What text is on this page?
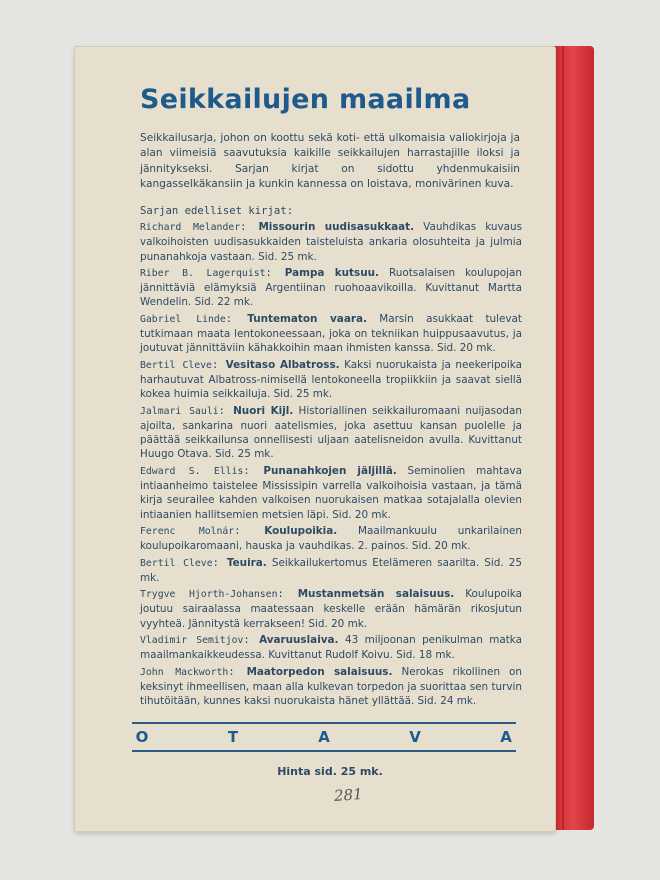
Seikkailujen maailma

Seikkailusarja, johon on koottu sekä koti- että ulkomaisia valiokirjoja ja alan viimeisiä saavutuksia kaikille seikkailujen harrastajille iloksi ja jännitykseksi. Sarjan kirjat on sidottu yhdenmukaisiin kangasselkäkansiin ja kunkin kannessa on loistava, monivärinen kuva.

Sarjan edelliset kirjat:

Richard Melander: Missourin uudisasukkaat. Vauhdikas kuvaus valkoihoisten uudisasukkaiden taisteluista ankaria olosuhteita ja julmia punanahkoja vastaan. Sid. 25 mk.
Riber B. Lagerquist: Pampa kutsuu. Ruotsalaisen koulupojan jännittäviä elämyksiä Argentiinan ruohoaavikoilla. Kuvittanut Martta Wendelin. Sid. 22 mk.
Gabriel Linde: Tuntematon vaara. Marsin asukkaat tulevat tutkimaan maata lentokoneessaan, joka on tekniikan huippusaavutus, ja joutuvat jännittäviin kähakkoihin maan ihmisten kanssa. Sid. 20 mk.
Bertil Cleve: Vesitaso Albatross. Kaksi nuorukaista ja neekeripoika harhautuvat Albatross-nimisellä lentokoneella tropiikkiin ja saavat siellä kokea huimia seikkailuja. Sid. 25 mk.
Jalmari Sauli: Nuori Kijl. Historiallinen seikkailuromaani nuijasodan ajoilta, sankarina nuori aatelismies, joka asettuu kansan puolelle ja päättää seikkailunsa onnellisesti uljaan aatelisneidon avulla. Kuvittanut Huugo Otava. Sid. 25 mk.
Edward S. Ellis: Punanahkojen jäljillä. Seminolien mahtava intiaanheimo taistelee Mississipin varrella valkoihoisia vastaan, ja tämä kirja seurailee kahden valkoisen nuorukaisen matkaa sotajalalla olevien intiaanien hallitsemien metsien läpi. Sid. 20 mk.
Ferenc Molnár: Koulupoikia. Maailmankuulu unkarilainen koulupoikaromaani, hauska ja vauhdikas. 2. painos. Sid. 20 mk.
Bertil Cleve: Teuira. Seikkailukertomus Etelämeren saarilta. Sid. 25 mk.
Trygve Hjorth-Johansen: Mustanmetsän salaisuus. Koulupoika joutuu sairaalassa maatessaan keskelle erään hämärän rikosjutun vyyhteä. Jännitystä kerrakseen! Sid. 20 mk.
Vladimir Semitjov: Avaruuslaiva. 43 miljoonan penikulman matka maailmankaikkeudessa. Kuvittanut Rudolf Koivu. Sid. 18 mk.
John Mackworth: Maatorpedon salaisuus. Nerokas rikollinen on keksinyt ihmeellisen, maan alla kulkevan torpedon ja suorittaa sen turvin tihutöitään, kunnes kaksi nuorukaista hänet yllättää. Sid. 24 mk.
O	T	A	V	A

Hinta sid. 25 mk.

281
